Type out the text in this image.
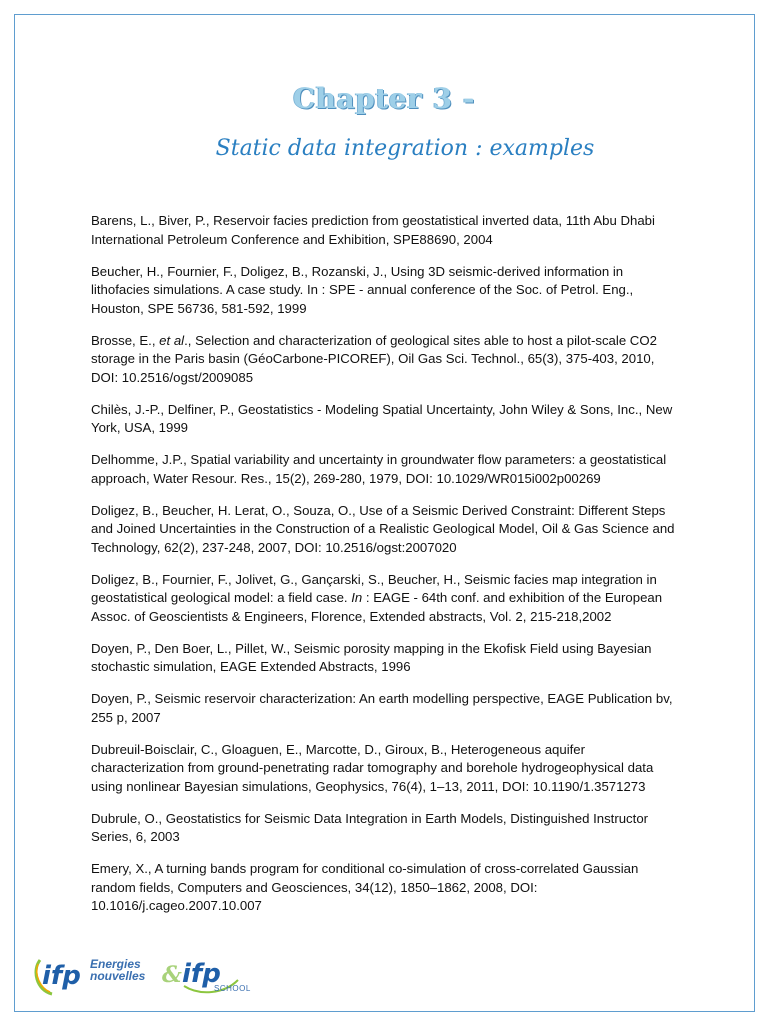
Chapter 3 -
Static data integration : examples

Barens, L., Biver, P., Reservoir facies prediction from geostatistical inverted data, 11th Abu Dhabi International Petroleum Conference and Exhibition, SPE88690, 2004

Beucher, H., Fournier, F., Doligez, B., Rozanski, J., Using 3D seismic-derived information in lithofacies simulations. A case study. In : SPE - annual conference of the Soc. of Petrol. Eng., Houston, SPE 56736, 581-592, 1999

Brosse, E., et al., Selection and characterization of geological sites able to host a pilot-scale CO2 storage in the Paris basin (GéoCarbone-PICOREF), Oil Gas Sci. Technol., 65(3), 375-403, 2010, DOI: 10.2516/ogst/2009085

Chilès, J.-P., Delfiner, P., Geostatistics - Modeling Spatial Uncertainty, John Wiley & Sons, Inc., New York, USA, 1999

Delhomme, J.P., Spatial variability and uncertainty in groundwater flow parameters: a geostatistical approach, Water Resour. Res., 15(2), 269-280, 1979, DOI: 10.1029/WR015i002p00269

Doligez, B., Beucher, H. Lerat, O., Souza, O., Use of a Seismic Derived Constraint: Different Steps and Joined Uncertainties in the Construction of a Realistic Geological Model, Oil & Gas Science and Technology, 62(2), 237-248, 2007, DOI: 10.2516/ogst:2007020

Doligez, B., Fournier, F., Jolivet, G., Gançarski, S., Beucher, H., Seismic facies map integration in geostatistical geological model: a field case. In : EAGE - 64th conf. and exhibition of the European Assoc. of Geoscientists & Engineers, Florence, Extended abstracts, Vol. 2, 215-218,2002

Doyen, P., Den Boer, L., Pillet, W., Seismic porosity mapping in the Ekofisk Field using Bayesian stochastic simulation, EAGE Extended Abstracts, 1996

Doyen, P., Seismic reservoir characterization: An earth modelling perspective, EAGE Publication bv, 255 p, 2007

Dubreuil-Boisclair, C., Gloaguen, E., Marcotte, D., Giroux, B., Heterogeneous aquifer characterization from ground-penetrating radar tomography and borehole hydrogeophysical data using nonlinear Bayesian simulations, Geophysics, 76(4), 1–13, 2011, DOI: 10.1190/1.3571273

Dubrule, O., Geostatistics for Seismic Data Integration in Earth Models, Distinguished Instructor Series, 6, 2003

Emery, X., A turning bands program for conditional co-simulation of cross-correlated Gaussian random fields, Computers and Geosciences, 34(12), 1850–1862, 2008, DOI: 10.1016/j.cageo.2007.10.007

ifp Energies
nouvelles & ifp
SCHOOL
